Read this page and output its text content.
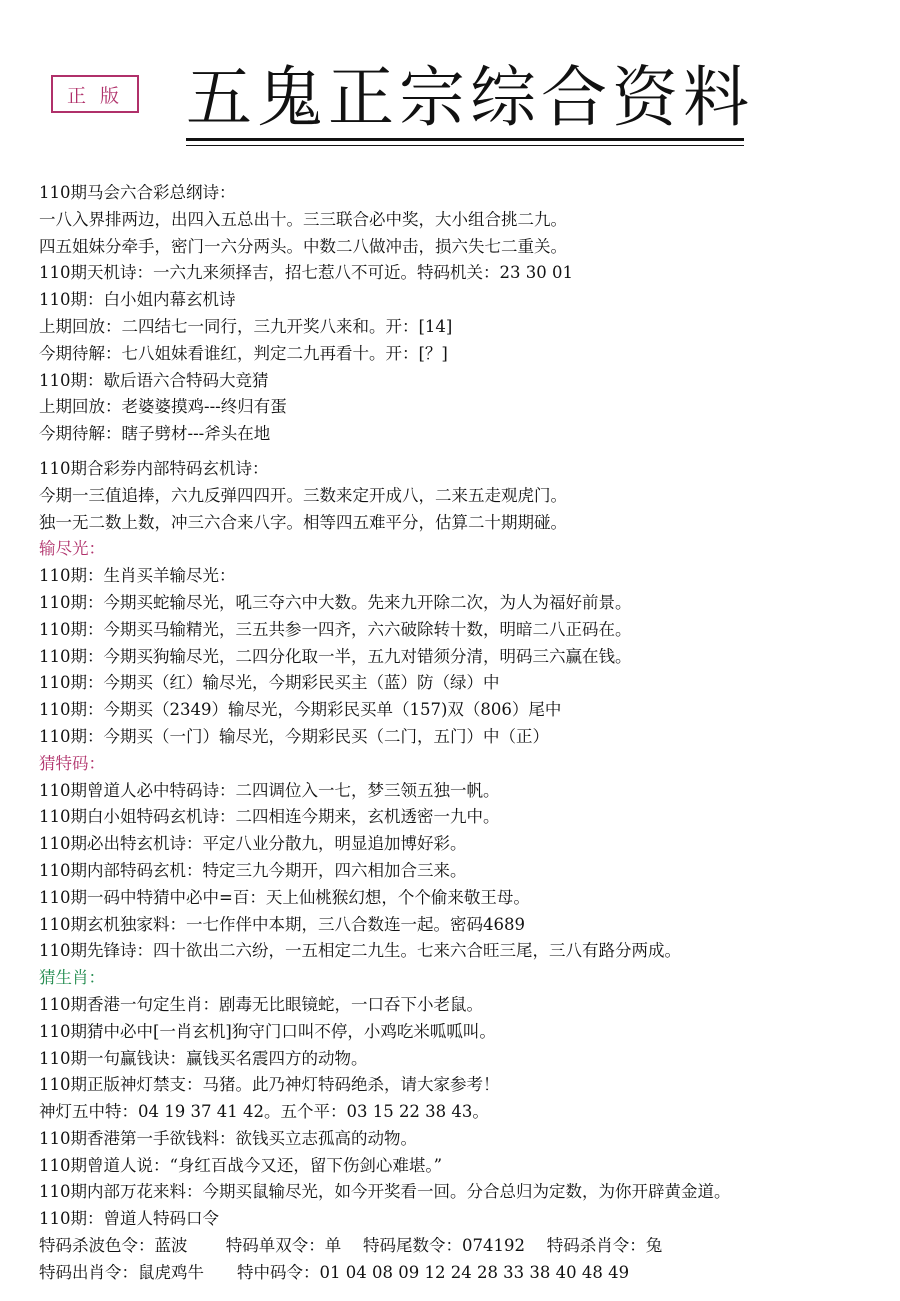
正 版 五鬼正宗综合资料
110期马会六合彩总纲诗：
一八入界排两边，出四入五总出十。三三联合必中奖，大小组合挑二九。
四五姐妹分牵手，密门一六分两头。中数二八做冲击，损六失七二重关。
110期天机诗：一六九来须择吉，招七惹八不可近。特码机关：23 30 01
110期：白小姐内幕玄机诗
上期回放：二四结七一同行，三九开奖八来和。开：[14]
今期待解：七八姐妹看谁红，判定二九再看十。开：[？]
110期：歇后语六合特码大竞猜
上期回放：老婆婆摸鸡---终归有蛋
今期待解：瞎子劈材---斧头在地
110期合彩券内部特码玄机诗：
今期一三值追捧，六九反弹四四开。三数来定开成八，二来五走观虎门。
独一无二数上数，冲三六合来八字。相等四五难平分，估算二十期期碰。
输尽光：
110期：生肖买羊输尽光：
110期：今期买蛇输尽光，吼三夺六中大数。先来九开除二次，为人为福好前景。
110期：今期买马输精光，三五共参一四齐，六六破除转十数，明暗二八正码在。
110期：今期买狗输尽光，二四分化取一半，五九对错须分清，明码三六赢在钱。
110期：今期买（红）输尽光，今期彩民买主（蓝）防（绿）中
110期：今期买（2349）输尽光，今期彩民买单（157)双（806）尾中
110期：今期买（一门）输尽光，今期彩民买（二门，五门）中（正）
猜特码：
110期曾道人必中特码诗：二四调位入一七，梦三领五独一帆。
110期白小姐特码玄机诗：二四相连今期来，玄机透密一九中。
110期必出特玄机诗：平定八业分散九，明显追加博好彩。
110期内部特码玄机：特定三九今期开，四六相加合三来。
110期一码中特猜中必中=百：天上仙桃猴幻想，个个偷来敬王母。
110期玄机独家料：一七作伴中本期，三八合数连一起。密码4689
110期先锋诗：四十欲出二六纷，一五相定二九生。七来六合旺三尾，三八有路分两成。
猜生肖：
110期香港一句定生肖：剧毒无比眼镜蛇，一口吞下小老鼠。
110期猜中必中[一肖玄机]狗守门口叫不停，小鸡吃米呱呱叫。
110期一句赢钱诀：赢钱买名震四方的动物。
110期正版神灯禁支：马猪。此乃神灯特码绝杀，请大家参考！
神灯五中特：04 19 37 41 42。五个平：03 15 22 38 43。
110期香港第一手欲钱料：欲钱买立志孤高的动物。
110期曾道人说：“身红百战今又还，留下伤剑心难堪。”
110期内部万花来料：今期买鼠输尽光，如今开奖看一回。分合总归为定数，为你开辟黄金道。
110期：曾道人特码口令
特码杀波色令：蓝波　　 特码单双令：单　 特码尾数令：074192　 特码杀肖令：兔
特码出肖令：鼠虎鸡牛　　特中码令：01 04 08 09 12 24 28 33 38 40 48 49
